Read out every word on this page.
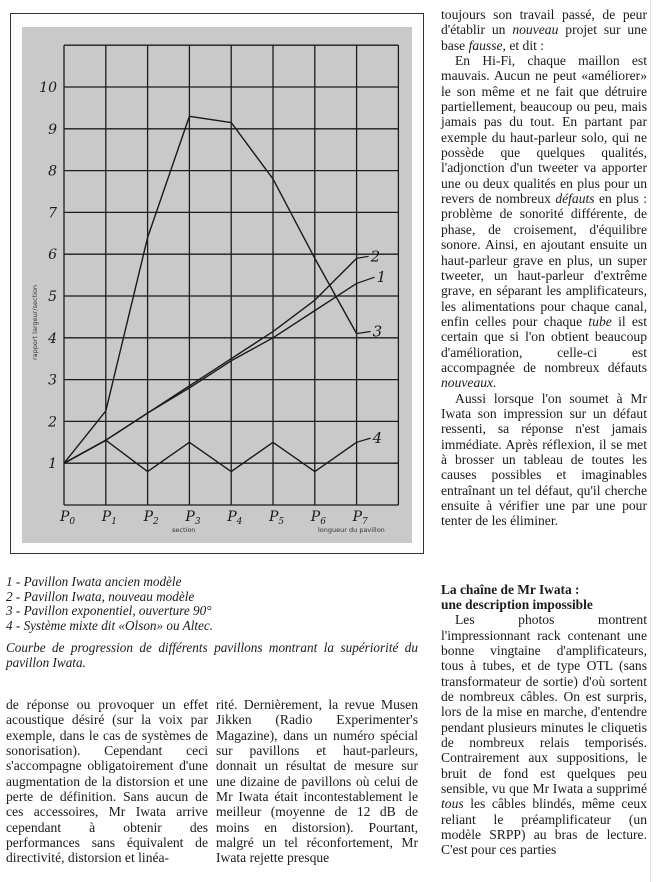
1
2
3
4
5
6
7
8
9
10
$P_0$ $P_1$ $P_2$ $P_3$ $P_4$ $P_5$ $P_6$ $P_7$
1
2
3
4
rapport largeur/section
section	longueur du pavillon
1 - Pavillon Iwata ancien modèle
2 - Pavillon Iwata, nouveau modèle
3 - Pavillon exponentiel, ouverture 90°
4 - Système mixte dit «Olson» ou Altec.
Courbe de progression de différents pavillons montrant la supériorité du pavillon Iwata.

de réponse ou provoquer un effet acoustique désiré (sur la voix par exemple, dans le cas de systèmes de sonorisation). Cependant ceci s'accompagne obligatoirement d'une augmentation de la distorsion et une perte de définition. Sans aucun de ces accessoires, Mr Iwata arrive cependant à obtenir des performances sans équivalent de directivité, distorsion et linéa-

rité. Dernièrement, la revue Musen Jikken (Radio Experimenter's Magazine), dans un numéro spécial sur pavillons et haut-parleurs, donnait un résultat de mesure sur une dizaine de pavillons où celui de Mr Iwata était incontestablement le meilleur (moyenne de 12 dB de moins en distorsion). Pourtant, malgré un tel réconfortement, Mr Iwata rejette presque

toujours son travail passé, de peur d'établir un nouveau projet sur une base fausse, et dit :

En Hi-Fi, chaque maillon est mauvais. Aucun ne peut «améliorer» le son même et ne fait que détruire partiellement, beaucoup ou peu, mais jamais pas du tout. En partant par exemple du haut-parleur solo, qui ne possède que quelques qualités, l'adjonction d'un tweeter va apporter une ou deux qualités en plus pour un revers de nombreux défauts en plus : problème de sonorité différente, de phase, de croisement, d'équilibre sonore. Ainsi, en ajoutant ensuite un haut-parleur grave en plus, un super tweeter, un haut-parleur d'extrême grave, en séparant les amplificateurs, les alimentations pour chaque canal, enfin celles pour chaque tube il est certain que si l'on obtient beaucoup d'amélioration, celle-ci est accompagnée de nombreux défauts nouveaux.

Aussi lorsque l'on soumet à Mr Iwata son impression sur un défaut ressenti, sa réponse n'est jamais immédiate. Après réflexion, il se met à brosser un tableau de toutes les causes possibles et imaginables entraînant un tel défaut, qu'il cherche ensuite à vérifier une par une pour tenter de les éliminer.

La chaîne de Mr Iwata :
une description impossible

Les photos montrent l'impressionnant rack contenant une bonne vingtaine d'amplificateurs, tous à tubes, et de type OTL (sans transformateur de sortie) d'où sortent de nombreux câbles. On est surpris, lors de la mise en marche, d'entendre pendant plusieurs minutes le cliquetis de nombreux relais temporisés. Contrairement aux suppositions, le bruit de fond est quelques peu sensible, vu que Mr Iwata a supprimé tous les câbles blindés, même ceux reliant le préamplificateur (un modèle SRPP) au bras de lecture. C'est pour ces parties
